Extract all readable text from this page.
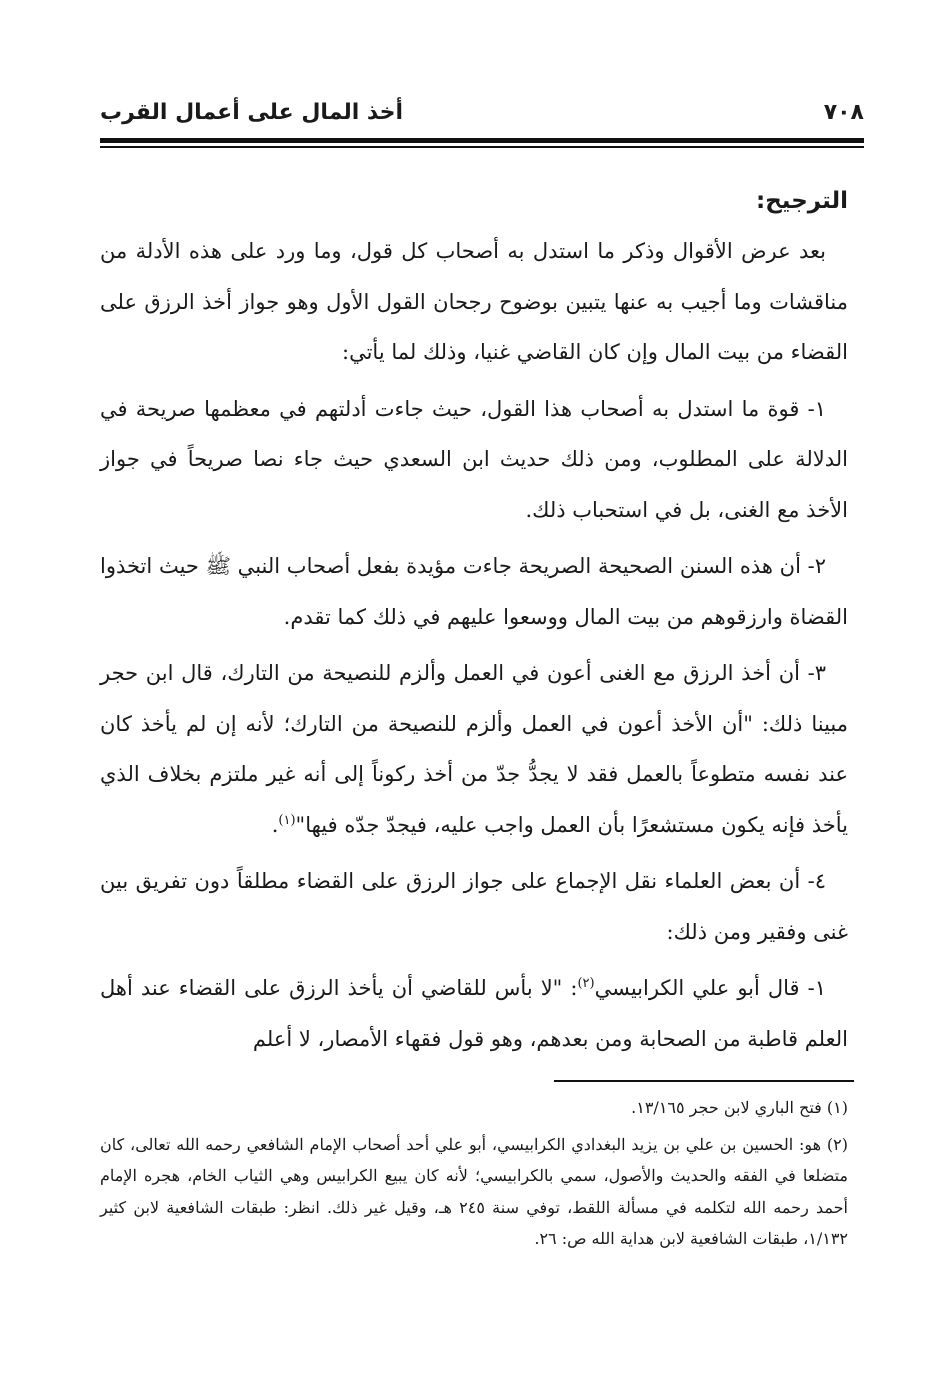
٧٠٨
أخذ المال على أعمال القرب
الترجيح:

بعد عرض الأقوال وذكر ما استدل به أصحاب كل قول، وما ورد على هذه الأدلة من مناقشات وما أجيب به عنها يتبين بوضوح رجحان القول الأول وهو جواز أخذ الرزق على القضاء من بيت المال وإن كان القاضي غنيا، وذلك لما يأتي:

١- قوة ما استدل به أصحاب هذا القول، حيث جاءت أدلتهم في معظمها صريحة في الدلالة على المطلوب، ومن ذلك حديث ابن السعدي حيث جاء نصا صريحاً في جواز الأخذ مع الغنى، بل في استحباب ذلك.

٢- أن هذه السنن الصحيحة الصريحة جاءت مؤيدة بفعل أصحاب النبي ﷺ حيث اتخذوا القضاة وارزقوهم من بيت المال ووسعوا عليهم في ذلك كما تقدم.

٣- أن أخذ الرزق مع الغنى أعون في العمل وألزم للنصيحة من التارك، قال ابن حجر مبينا ذلك: "أن الأخذ أعون في العمل وألزم للنصيحة من التارك؛ لأنه إن لم يأخذ كان عند نفسه متطوعاً بالعمل فقد لا يجدُّ جدّ من أخذ ركوناً إلى أنه غير ملتزم بخلاف الذي يأخذ فإنه يكون مستشعرًا بأن العمل واجب عليه، فيجدّ جدّه فيها"$^{(١)}$.

٤- أن بعض العلماء نقل الإجماع على جواز الرزق على القضاء مطلقاً دون تفريق بين غنى وفقير ومن ذلك:

١- قال أبو علي الكرابيسي$^{(٢)}$: "لا بأس للقاضي أن يأخذ الرزق على القضاء عند أهل العلم قاطبة من الصحابة ومن بعدهم، وهو قول فقهاء الأمصار، لا أعلم

(١) فتح الباري لابن حجر ١٣/١٦٥.

(٢) هو: الحسين بن علي بن يزيد البغدادي الكرابيسي، أبو علي أحد أصحاب الإمام الشافعي رحمه الله تعالى، كان متضلعا في الفقه والحديث والأصول، سمي بالكرابيسي؛ لأنه كان يبيع الكرابيس وهي الثياب الخام، هجره الإمام أحمد رحمه الله لتكلمه في مسألة اللقط، توفي سنة ٢٤٥ هـ، وقيل غير ذلك. انظر: طبقات الشافعية لابن كثير ١/١٣٢، طبقات الشافعية لابن هداية الله ص: ٢٦.
